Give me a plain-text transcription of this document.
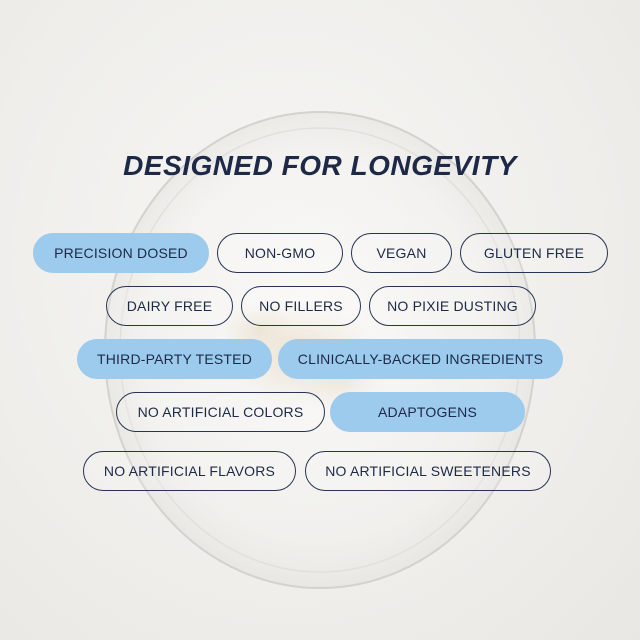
DESIGNED FOR LONGEVITY
PRECISION DOSED	NON-GMO	VEGAN	GLUTEN FREE
DAIRY FREE	NO FILLERS	NO PIXIE DUSTING
THIRD-PARTY TESTED	CLINICALLY-BACKED INGREDIENTS
NO ARTIFICIAL COLORS	ADAPTOGENS
NO ARTIFICIAL FLAVORS	NO ARTIFICIAL SWEETENERS
